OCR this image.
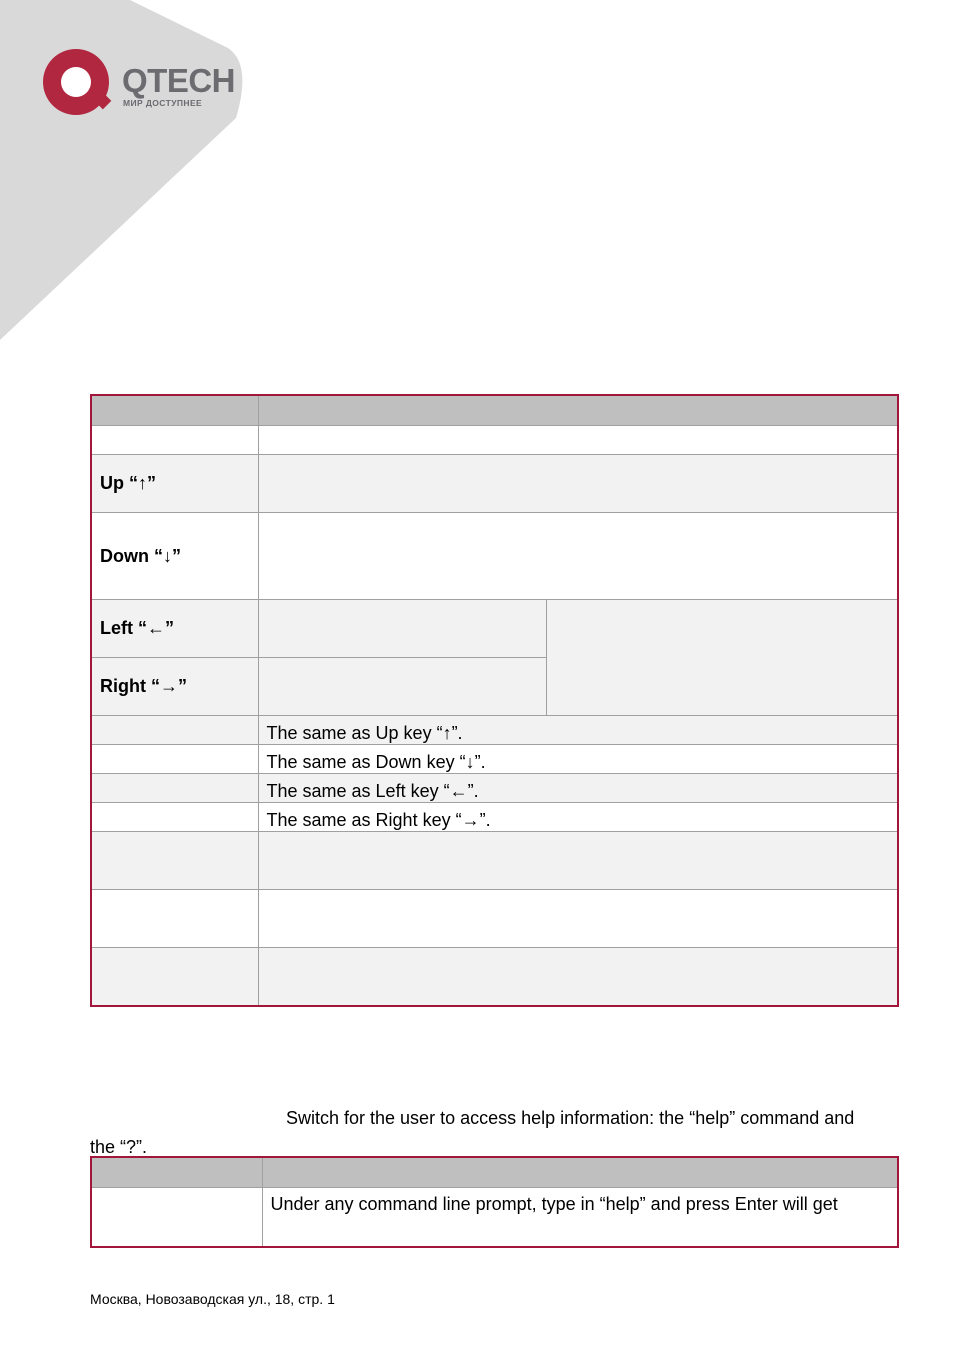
QTECH
МИР ДОСТУПНЕЕ

Up “↑”		
Down “↓”		
Left “←”		
Right “→”		
	The same as Up key “↑”.	
	The same as Down key “↓”.	
	The same as Left key “←”.	
	The same as Right key “→”.	

Switch for the user to access help information: the “help” command and
the “?”.

	Under any command line prompt, type in “help” and press Enter will get
Москва, Новозаводская ул., 18, стр. 1
